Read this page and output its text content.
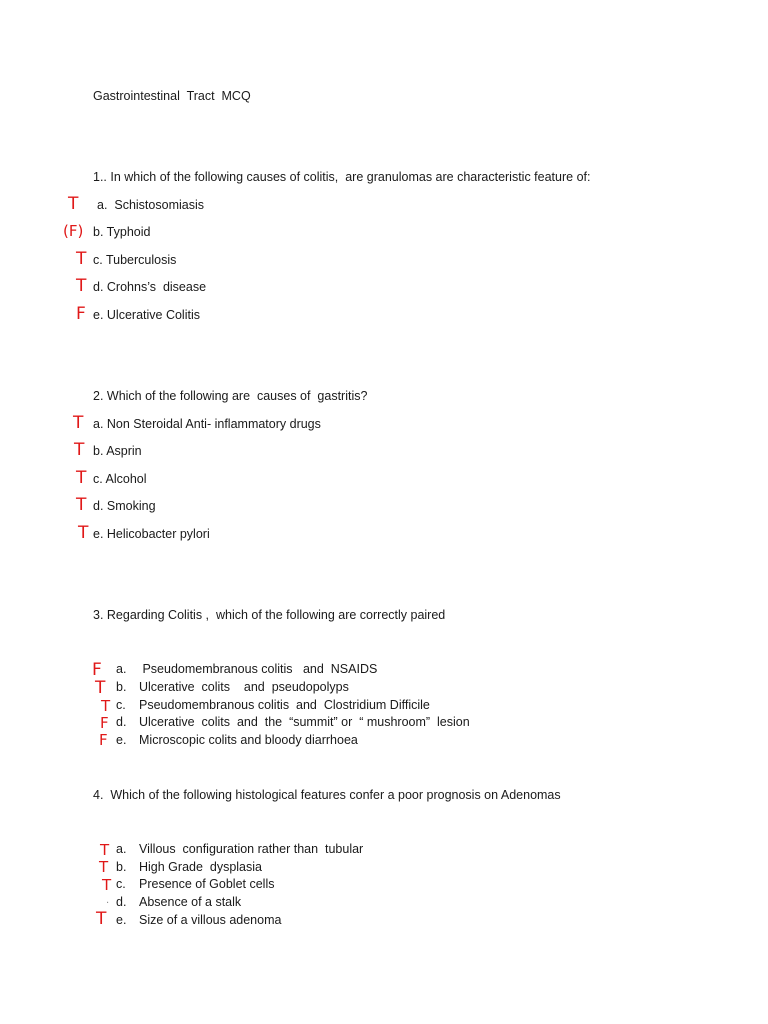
Gastrointestinal  Tract  MCQ
1.. In which of the following causes of colitis,  are granulomas are characteristic feature of:
T a.  Schistosomiasis
(F) b. Typhoid
T c. Tuberculosis
T d. Crohns’s  disease
F e. Ulcerative Colitis
2. Which of the following are  causes of  gastritis?
T a. Non Steroidal Anti- inflammatory drugs
T b. Asprin
T c. Alcohol
T d. Smoking
T e. Helicobacter pylori
3. Regarding Colitis ,  which of the following are correctly paired
F a. Pseudomembranous colitis   and  NSAIDS
T b. Ulcerative  colits    and  pseudopolyps
T c. Pseudomembranous colitis  and  Clostridium Difficile
F d. Ulcerative  colits  and  the  “summit” or  “ mushroom”  lesion
F e. Microscopic colits and bloody diarrhoea
4.  Which of the following histological features confer a poor prognosis on Adenomas
T a. Villous  configuration rather than  tubular
T b. High Grade  dysplasia
T c. Presence of Goblet cells
· d. Absence of a stalk
T e. Size of a villous adenoma
